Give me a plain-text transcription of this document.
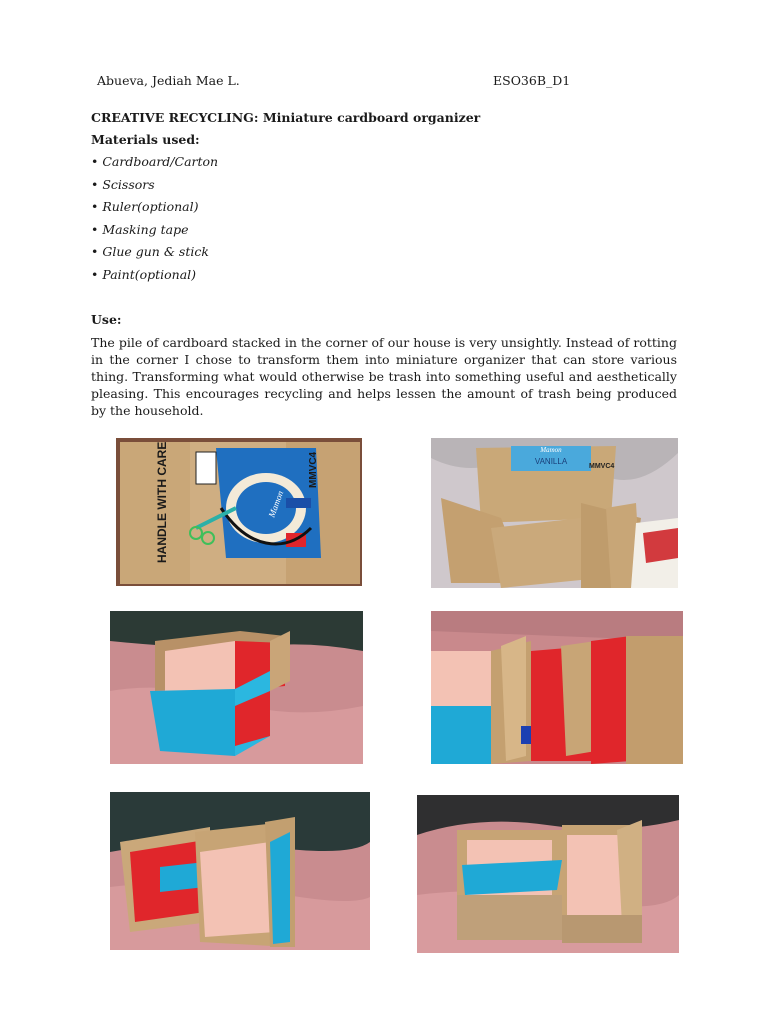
Abueva, Jediah Mae L.	ESO36B_D1
CREATIVE RECYCLING: Miniature cardboard organizer
Materials used:
• Cardboard/Carton
• Scissors
• Ruler(optional)
• Masking tape
• Glue gun & stick
• Paint(optional)
Use:

The pile of cardboard stacked in the corner of our house is very unsightly. Instead of rotting in the corner I chose to transform them into miniature organizer that can store various thing. Transforming what would otherwise be trash into something useful and aesthetically pleasing. This encourages recycling and helps lessen the amount of trash being produced by the household.

HANDLE WITH CARE	MMVC4
Mamon
VANILLA
Mamon
MMVC4
